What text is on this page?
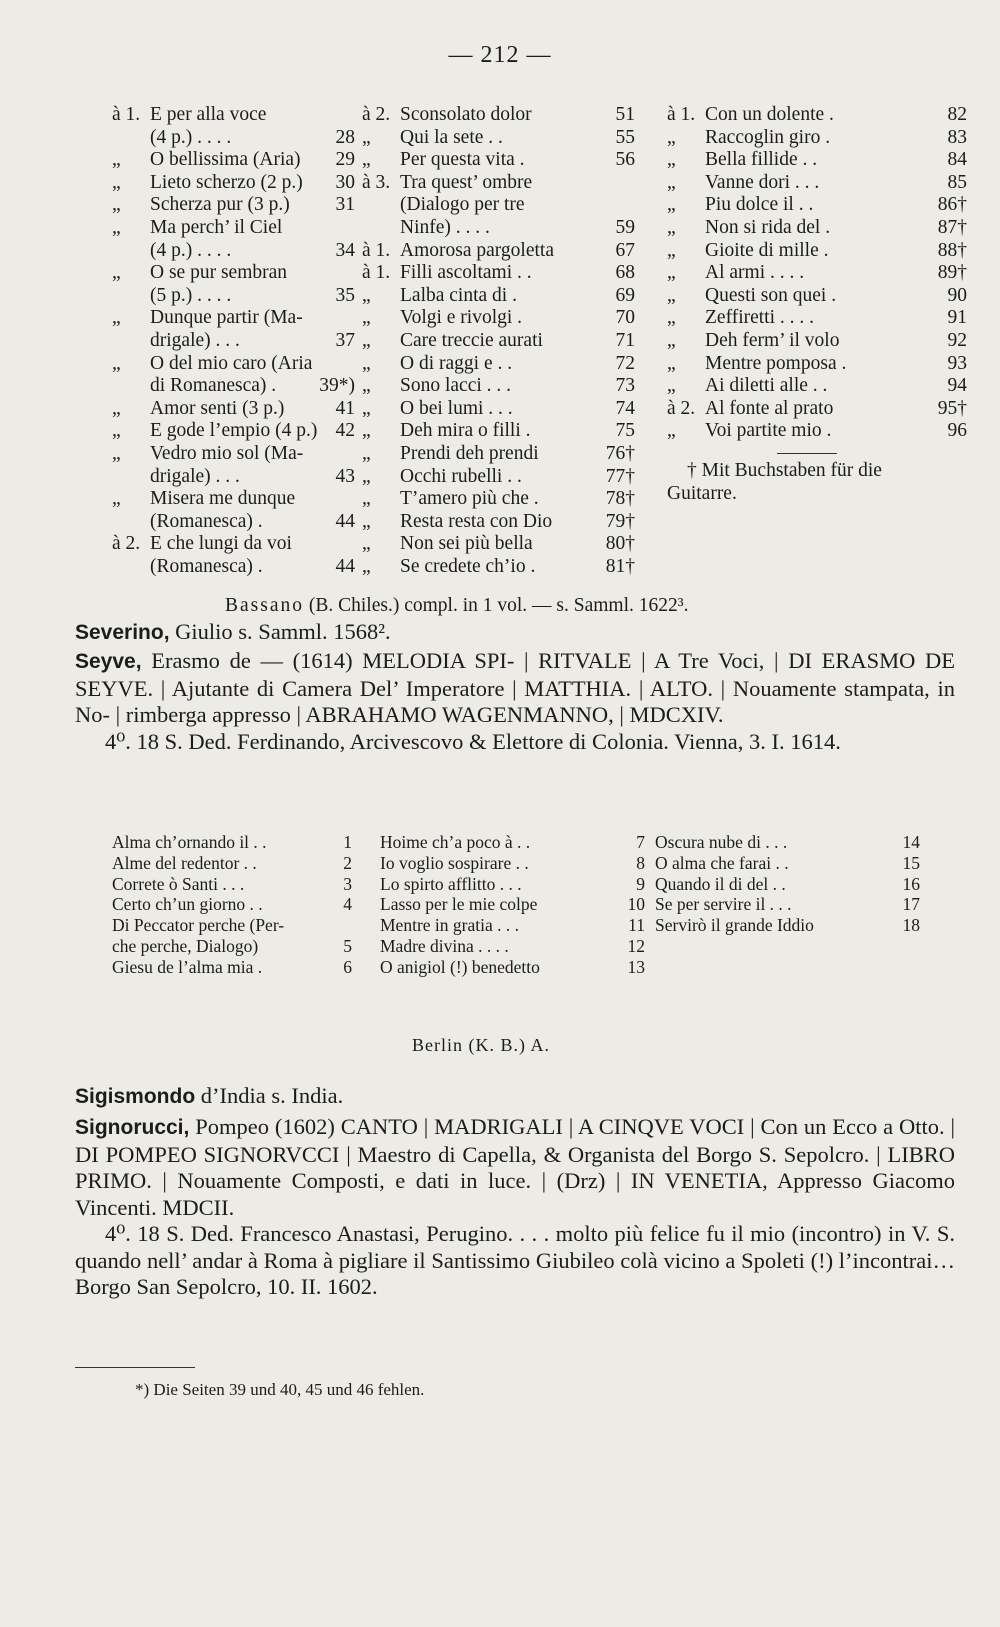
— 212 —
à 1. E per alla voce
(4 p.) . . . .	28
„	O bellissima (Aria)	29
„	Lieto scherzo (2 p.)	30
„	Scherza pur (3 p.)	31
„	Ma perch’ il Ciel
(4 p.) . . . .	34
„	O se pur sembran
(5 p.) . . . .	35
„	Dunque partir (Ma-
drigale) . . .	37
„	O del mio caro (Aria
di Romanesca) .	39*)
„	Amor senti (3 p.)	41
„	E gode l’empio (4 p.) 42
„	Vedro mio sol (Ma-
drigale) . . .	43
„	Misera me dunque
(Romanesca) .	44
à 2. E che lungi da voi
(Romanesca) .	44
à 2. Sconsolato dolor	51
„	Qui la sete . .	55
„	Per questa vita .	56
à 3. Tra quest’ ombre
(Dialogo per tre
Ninfe) . . . .	59
à 1. Amorosa pargoletta	67
à 1. Filli ascoltami . .	68
„	Lalba cinta di .	69
„	Volgi e rivolgi .	70
„	Care treccie aurati	71
„	O di raggi e . .	72
„	Sono lacci . . .	73
„	O bei lumi . . .	74
„	Deh mira o filli .	75
„	Prendi deh prendi	76†
„	Occhi rubelli . .	77†
„	T’amero più che .	78†
„	Resta resta con Dio	79†
„	Non sei più bella	80†
„	Se credete ch’io .	81†
à 1. Con un dolente .	82
„	Raccoglin giro .	83
„	Bella fillide . .	84
„	Vanne dori . . .	85
„	Piu dolce il . .	86†
„	Non si rida del .	87†
„	Gioite di mille .	88†
„	Al armi . . . .	89†
„	Questi son quei .	90
„	Zeffiretti . . . .	91
„	Deh ferm’ il volo	92
„	Mentre pomposa .	93
„	Ai diletti alle . .	94
à 2. Al fonte al prato	95†
„	Voi partite mio .	96
† Mit Buchstaben für die
Guitarre.
Bassano (B. Chiles.) compl. in 1 vol. — s. Samml. 1622³.

Severino, Giulio s. Samml. 1568².

Seyve, Erasmo de — (1614) MELODIA SPI- | RITVALE | A Tre Voci, | DI ERASMO DE SEYVE. | Ajutante di Camera Del’ Imperatore | MATTHIA. | ALTO. | Nouamente stampata, in No- | rimberga appresso | ABRAHAMO WAGENMANNO, | MDCXIV.

4⁰. 18 S. Ded. Ferdinando, Arcivescovo & Elettore di Colonia. Vienna, 3. I. 1614.

Alma ch’ornando il . .	1
Alme del redentor . .	2
Correte ò Santi . . .	3
Certo ch’un giorno . .	4
Di Peccator perche (Per-
che perche, Dialogo)	5
Giesu de l’alma mia .	6
Hoime ch’a poco à . .	7
Io voglio sospirare . .	8
Lo spirto afflitto . . .	9
Lasso per le mie colpe	10
Mentre in gratia . . .	11
Madre divina . . . .	12
O anigiol (!) benedetto	13
Oscura nube di . . .	14
O alma che farai . .	15
Quando il di del . .	16
Se per servire il . . .	17
Servirò il grande Iddio	18
Berlin (K. B.) A.

Sigismondo d’India s. India.

Signorucci, Pompeo (1602) CANTO | MADRIGALI | A CINQVE VOCI | Con un Ecco a Otto. | DI POMPEO SIGNORVCCI | Maestro di Capella, & Organista del Borgo S. Sepolcro. | LIBRO PRIMO. | Nouamente Composti, e dati in luce. | (Drz) | IN VENETIA, Appresso Giacomo Vincenti. MDCII.

4⁰. 18 S. Ded. Francesco Anastasi, Perugino. . . . molto più felice fu il mio (incontro) in V. S. quando nell’ andar à Roma à pigliare il Santissimo Giubileo colà vicino a Spoleti (!) l’incontrai… Borgo San Sepolcro, 10. II. 1602.

*) Die Seiten 39 und 40, 45 und 46 fehlen.
